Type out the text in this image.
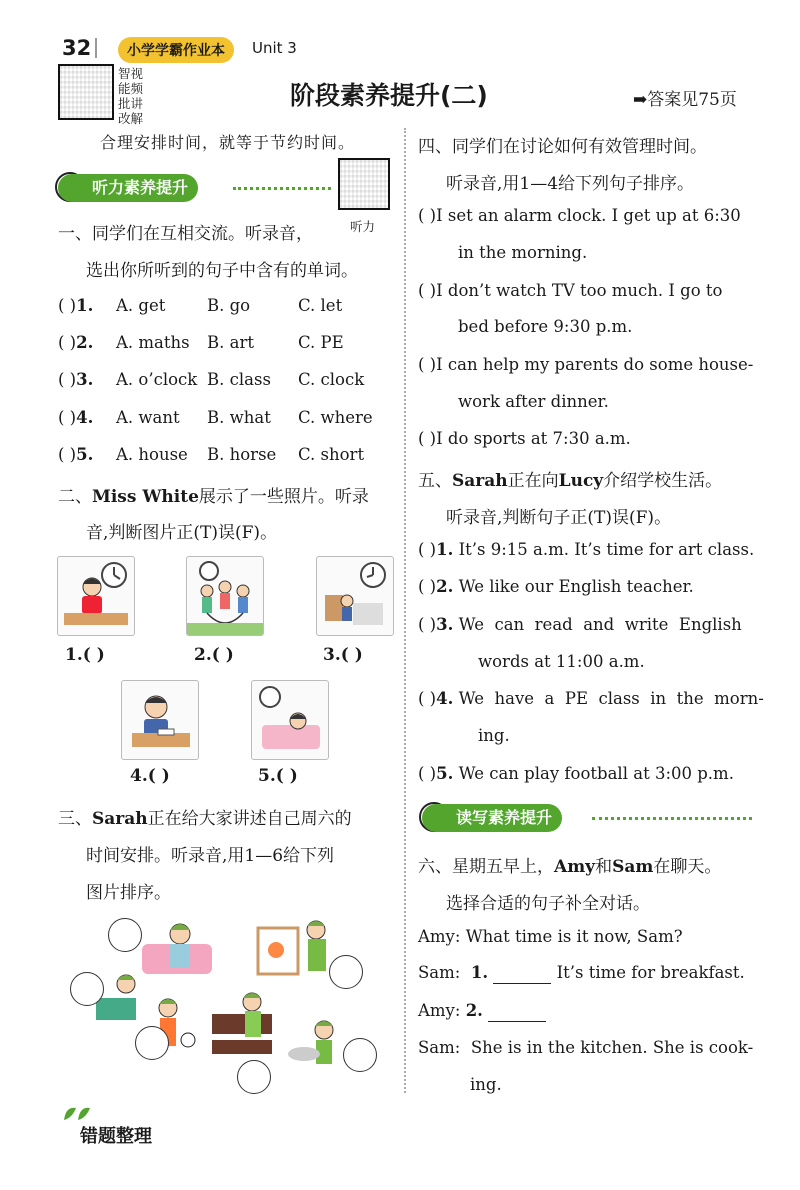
32	小学学霸作业本	Unit 3
智视
能频
批讲
改解
阶段素养提升(二)	➡答案见75页
合理安排时间，就等于节约时间。
听力素养提升
听力
一、同学们在互相交流。听录音，
选出你所听到的句子中含有的单词。
( )1. A. get	B. go	C. let
( )2. A. maths B. art	C. PE
( )3. A. o’clock B. class C. clock
( )4. A. want B. what C. where
( )5. A. house B. horse C. short
二、Miss White展示了一些照片。听录
音,判断图片正(T)误(F)。
1.( )	2.( )	3.( )
4.( )	5.( )
三、Sarah正在给大家讲述自己周六的
时间安排。听录音,用1—6给下列
图片排序。
四、同学们在讨论如何有效管理时间。
听录音,用1—4给下列句子排序。
( )I set an alarm clock. I get up at 6:30
in the morning.
( )I don’t watch TV too much. I go to
bed before 9:30 p.m.
( )I can help my parents do some house-
work after dinner.
( )I do sports at 7:30 a.m.
五、Sarah正在向Lucy介绍学校生活。
听录音,判断句子正(T)误(F)。
( )1. It’s 9:15 a.m. It’s time for art class.
( )2. We like our English teacher.
( )3. We  can  read  and  write  English
words at 11:00 a.m.
( )4. We  have  a  PE  class  in  the  morn-
ing.
( )5. We can play football at 3:00 p.m.
读写素养提升
六、星期五早上，Amy和Sam在聊天。
选择合适的句子补全对话。
Amy: What time is it now, Sam?
Sam: 1.	It’s time for breakfast.
Amy: 2.
Sam: She is in the kitchen. She is cook-
ing.
错题整理
